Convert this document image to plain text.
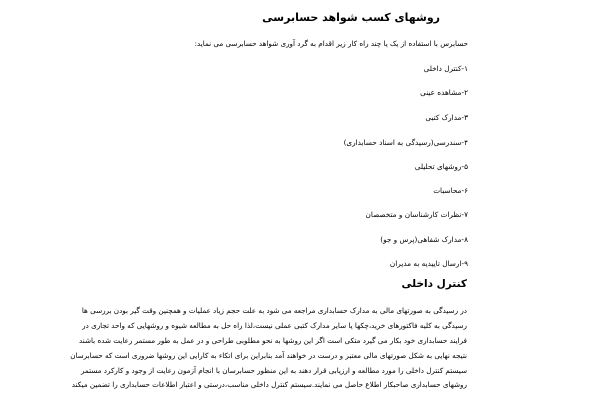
روشهای کسب شواهد حسابرسی
حسابرس با استفاده از یک یا چند راه کار زیر اقدام به گرد آوری شواهد حسابرسی می نماید:
۱-کنترل داخلی
۲-مشاهده عینی
۳-مدارک کتبی
۴-سندرسی(رسیدگی به اسناد حسابداری)
۵-روشهای تحلیلی
۶-محاسبات
۷-نظرات کارشناسان و متخصصان
۸-مدارک شفاهی(پرس و جو)
۹-ارسال تاییدیه به مدیران
کنترل داخلی
در رسیدگی به صورتهای مالی به مدارک حسابداری مراجعه می شود به علت حجم زیاد عملیات و همچنین وقت گیر بودن بررسی ها
رسیدگی به کلیه فاکتورهای خرید،چکها یا سایر مدارک کتبی عملی نیست،لذا راه حل به مطالعه شیوه و روشهایی که واحد تجاری در
فرایند حسابداری خود بکار می گیرد متکی است اگر این روشها به نحو مطلوبی طراحی و در عمل به طور مستمر رعایت شده باشند
نتیجه نهایی به شکل صورتهای مالی معتبر و درست در خواهند آمد بنابراین برای اتکاء به کارایی این روشها ضروری است که حسابرسان
سیستم کنترل داخلی را مورد مطالعه و ارزیابی قرار دهند به این منظور حسابرسان با انجام آزمون رعایت از وجود و کارکرد مستمر
روشهای حسابداری صاحبکار اطلاع حاصل می نمایند.سیستم کنترل داخلی مناسب،درستی و اعتبار اطلاعات حسابداری را تضمین میکند
